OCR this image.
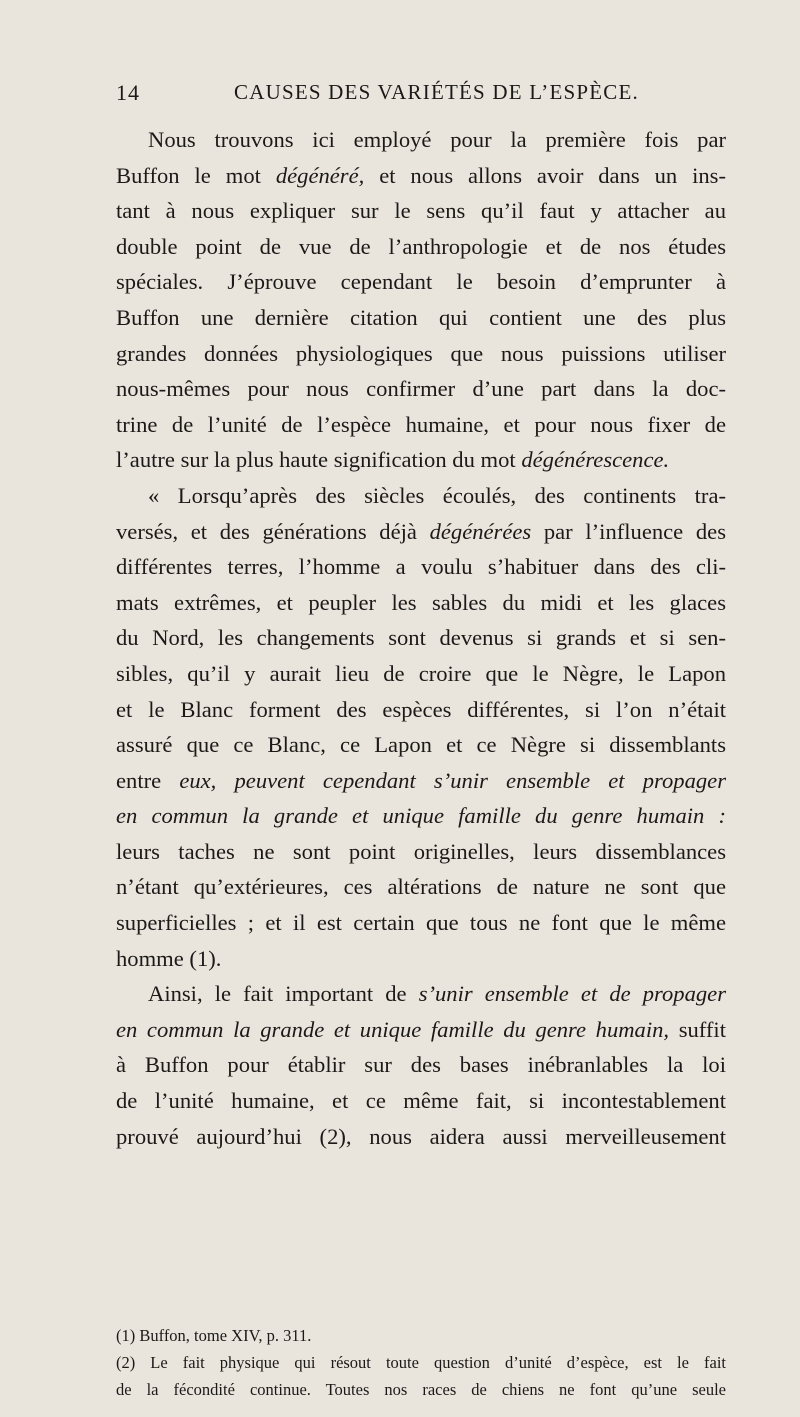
14	CAUSES DES VARIÉTÉS DE L’ESPÈCE.
Nous trouvons ici employé pour la première fois par
Buffon le mot dégénéré, et nous allons avoir dans un ins-
tant à nous expliquer sur le sens qu’il faut y attacher au
double point de vue de l’anthropologie et de nos études
spéciales. J’éprouve cependant le besoin d’emprunter à
Buffon une dernière citation qui contient une des plus
grandes données physiologiques que nous puissions utiliser
nous-mêmes pour nous confirmer d’une part dans la doc-
trine de l’unité de l’espèce humaine, et pour nous fixer de
l’autre sur la plus haute signification du mot dégénérescence.
« Lorsqu’après des siècles écoulés, des continents tra-
versés, et des générations déjà dégénérées par l’influence des
différentes terres, l’homme a voulu s’habituer dans des cli-
mats extrêmes, et peupler les sables du midi et les glaces
du Nord, les changements sont devenus si grands et si sen-
sibles, qu’il y aurait lieu de croire que le Nègre, le Lapon
et le Blanc forment des espèces différentes, si l’on n’était
assuré que ce Blanc, ce Lapon et ce Nègre si dissemblants
entre eux, peuvent cependant s’unir ensemble et propager
en commun la grande et unique famille du genre humain :
leurs taches ne sont point originelles, leurs dissemblances
n’étant qu’extérieures, ces altérations de nature ne sont que
superficielles ; et il est certain que tous ne font que le même
homme (1).
Ainsi, le fait important de s’unir ensemble et de propager
en commun la grande et unique famille du genre humain, suffit
à Buffon pour établir sur des bases inébranlables la loi
de l’unité humaine, et ce même fait, si incontestablement
prouvé aujourd’hui (2), nous aidera aussi merveilleusement
(1) Buffon, tome XIV, p. 311.
(2) Le fait physique qui résout toute question d’unité d’espèce, est le fait
de la fécondité continue. Toutes nos races de chiens ne font qu’une seule
